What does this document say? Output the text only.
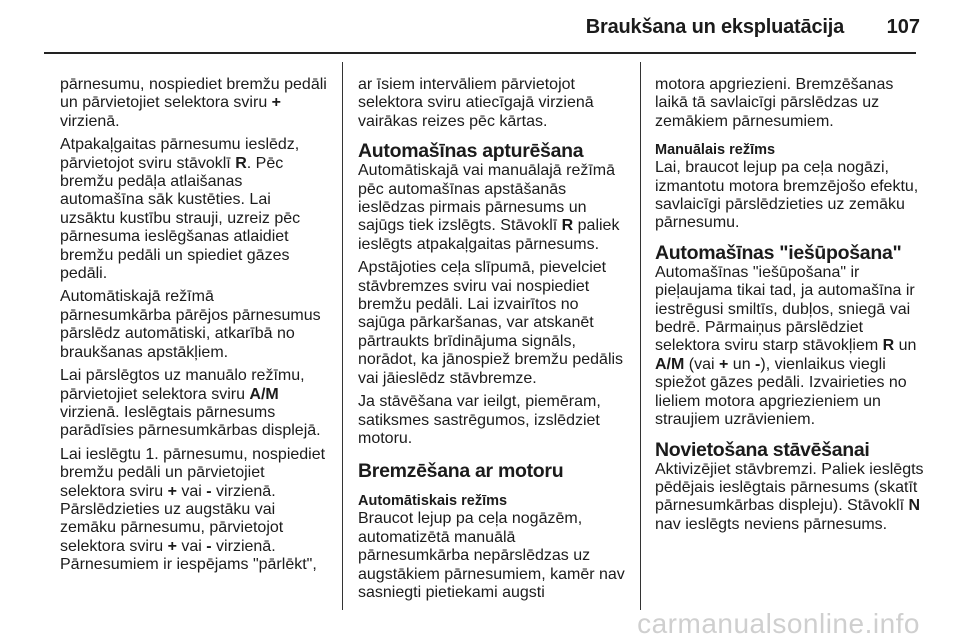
Braukšana un ekspluatācija 107

pārnesumu, nospiediet bremžu pedāli un pārvietojiet selektora sviru + virzienā.

Atpakaļgaitas pārnesumu ieslēdz, pārvietojot sviru stāvoklī R. Pēc bremžu pedāļa atlaišanas automašīna sāk kustēties. Lai uzsāktu kustību strauji, uzreiz pēc pārnesuma ieslēgšanas atlaidiet bremžu pedāli un spiediet gāzes pedāli.

Automātiskajā režīmā pārnesumkārba pārējos pārnesumus pārslēdz automātiski, atkarībā no braukšanas apstākļiem.

Lai pārslēgtos uz manuālo režīmu, pārvietojiet selektora sviru A/M virzienā. Ieslēgtais pārnesums parādīsies pārnesumkārbas displejā.

Lai ieslēgtu 1. pārnesumu, nospiediet bremžu pedāli un pārvietojiet selektora sviru + vai - virzienā.
Pārslēdzieties uz augstāku vai zemāku pārnesumu, pārvietojot selektora sviru + vai - virzienā.
Pārnesumiem ir iespējams "pārlēkt",

ar īsiem intervāliem pārvietojot selektora sviru atiecīgajā virzienā vairākas reizes pēc kārtas.

Automašīnas apturēšana

Automātiskajā vai manuālajā režīmā pēc automašīnas apstāšanās ieslēdzas pirmais pārnesums un sajūgs tiek izslēgts. Stāvoklī R paliek ieslēgts atpakaļgaitas pārnesums.

Apstājoties ceļa slīpumā, pievelciet stāvbremzes sviru vai nospiediet bremžu pedāli. Lai izvairītos no sajūga pārkaršanas, var atskanēt pārtraukts brīdinājuma signāls, norādot, ka jānospiež bremžu pedālis vai jāieslēdz stāvbremze.

Ja stāvēšana var ieilgt, piemēram, satiksmes sastrēgumos, izslēdziet motoru.

Bremzēšana ar motoru
Automātiskais režīms

Braucot lejup pa ceļa nogāzēm, automatizētā manuālā pārnesumkārba nepārslēdzas uz augstākiem pārnesumiem, kamēr nav sasniegti pietiekami augsti

motora apgriezieni. Bremzēšanas laikā tā savlaicīgi pārslēdzas uz zemākiem pārnesumiem.

Manuālais režīms

Lai, braucot lejup pa ceļa nogāzi, izmantotu motora bremzējošo efektu, savlaicīgi pārslēdzieties uz zemāku pārnesumu.

Automašīnas "iešūpošana"

Automašīnas "iešūpošana" ir pieļaujama tikai tad, ja automašīna ir iestrēgusi smiltīs, dubļos, sniegā vai bedrē. Pārmaiņus pārslēdziet selektora sviru starp stāvokļiem R un A/M (vai + un -), vienlaikus viegli spiežot gāzes pedāli. Izvairieties no lieliem motora apgriezieniem un straujiem uzrāvieniem.

Novietošana stāvēšanai

Aktivizējiet stāvbremzi. Paliek ieslēgts pēdējais ieslēgtais pārnesums (skatīt pārnesumkārbas displeju). Stāvoklī N nav ieslēgts neviens pārnesums.

carmanualsonline.info
